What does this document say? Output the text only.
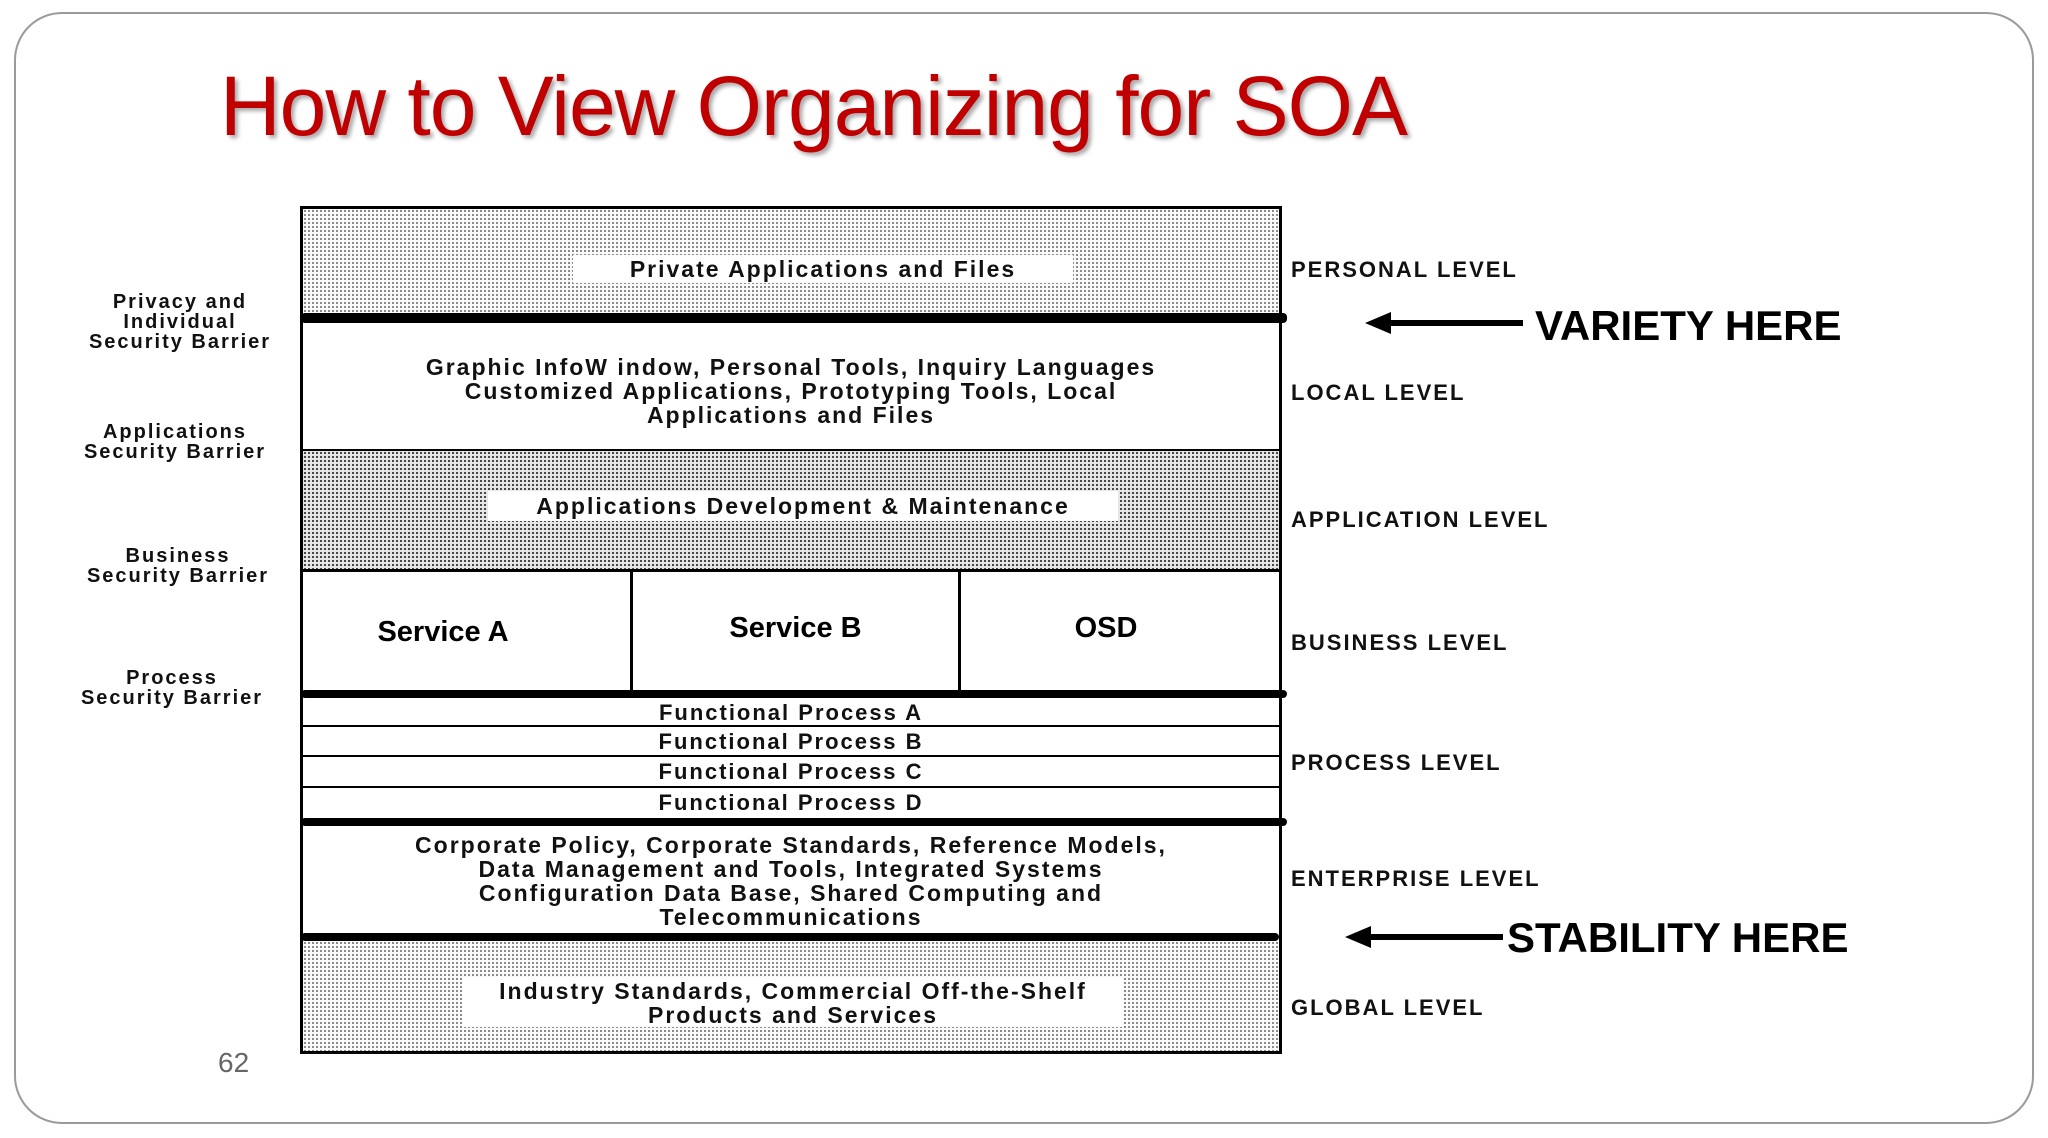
How to View Organizing for SOA
Private Applications and Files
Graphic InfoW indow, Personal Tools, Inquiry Languages
Customized Applications, Prototyping Tools, Local
Applications and Files
Applications Development & Maintenance
Service A	Service B	OSD
Functional Process A
Functional Process B
Functional Process C
Functional Process D
Corporate Policy, Corporate Standards, Reference Models,
Data Management and Tools, Integrated Systems
Configuration Data Base, Shared Computing and
Telecommunications
Industry Standards, Commercial Off-the-Shelf
Products and Services
PERSONAL LEVEL
LOCAL LEVEL
APPLICATION LEVEL
BUSINESS LEVEL
PROCESS LEVEL
ENTERPRISE LEVEL
GLOBAL LEVEL
Privacy and
Individual
Security Barrier
Applications
Security Barrier
Business
Security Barrier
Process
Security Barrier
VARIETY HERE
STABILITY HERE
62
